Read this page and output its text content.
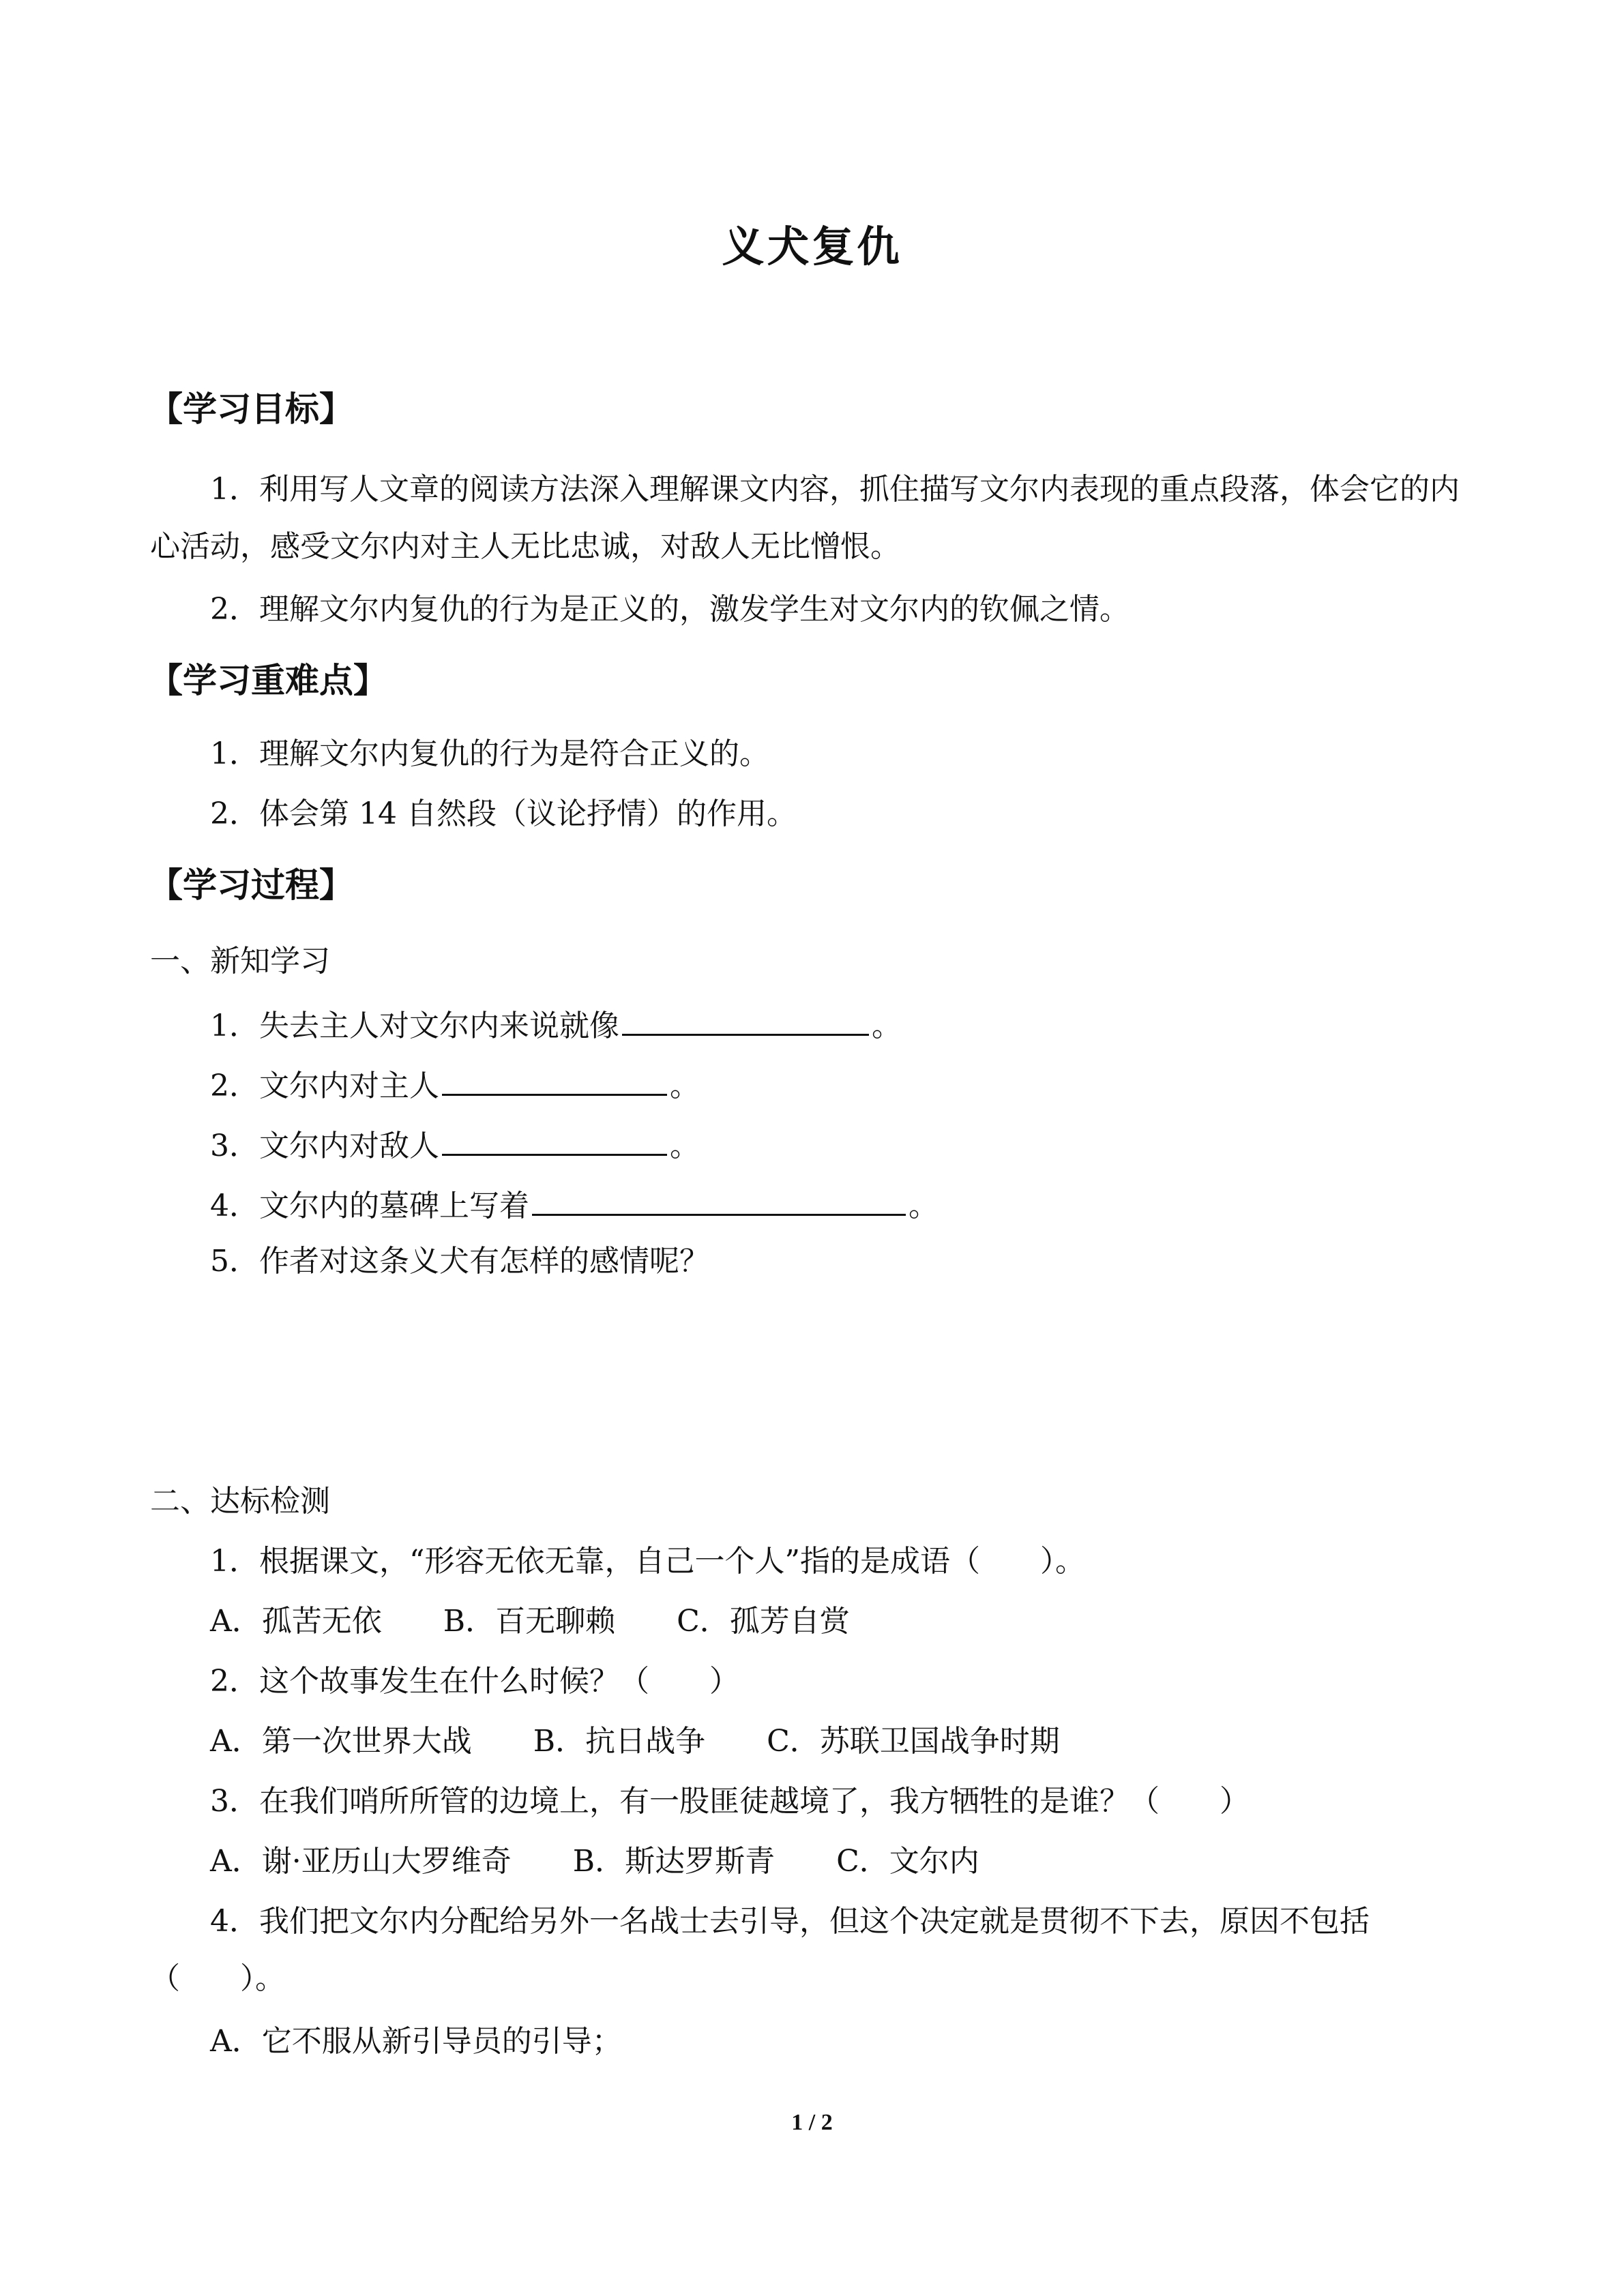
义犬复仇
【学习目标】
1．利用写人文章的阅读方法深入理解课文内容，抓住描写文尔内表现的重点段落，体会它的内心活动，感受文尔内对主人无比忠诚，对敌人无比憎恨。
2．理解文尔内复仇的行为是正义的，激发学生对文尔内的钦佩之情。
【学习重难点】
1．理解文尔内复仇的行为是符合正义的。
2．体会第 14 自然段（议论抒情）的作用。
【学习过程】
一、新知学习
1．失去主人对文尔内来说就像	。
2．文尔内对主人	。
3．文尔内对敌人	。
4．文尔内的墓碑上写着	。
5．作者对这条义犬有怎样的感情呢？
二、达标检测
1．根据课文，“形容无依无靠，自己一个人”指的是成语（　　）。
A．孤苦无依 B．百无聊赖 C．孤芳自赏
2．这个故事发生在什么时候？（　　）
A．第一次世界大战 B．抗日战争 C．苏联卫国战争时期
3．在我们哨所所管的边境上，有一股匪徒越境了，我方牺牲的是谁？（　　）
A．谢·亚历山大罗维奇 B．斯达罗斯青 C．文尔内
4．我们把文尔内分配给另外一名战士去引导，但这个决定就是贯彻不下去，原因不包括（　　）。
A．它不服从新引导员的引导；
1 / 2
